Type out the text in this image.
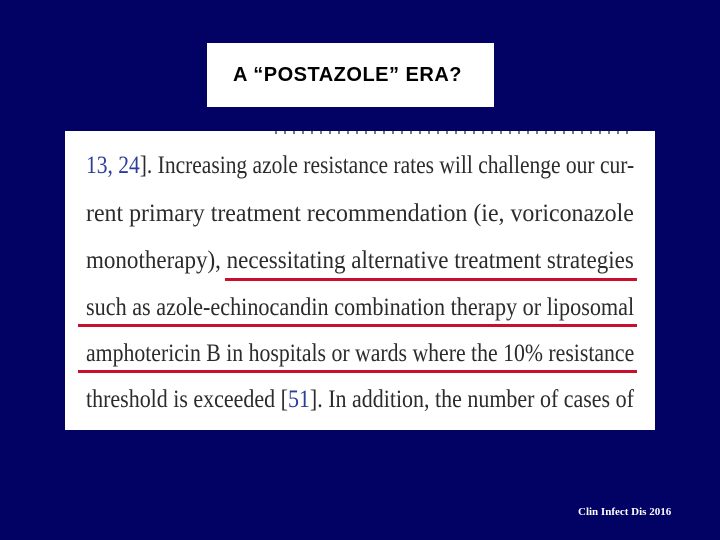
A “POSTAZOLE” ERA?
13, 24]. Increasing azole resistance rates will challenge our cur-
rent primary treatment recommendation (ie, voriconazole
monotherapy), necessitating alternative treatment strategies
such as azole-echinocandin combination therapy or liposomal
amphotericin B in hospitals or wards where the 10% resistance
threshold is exceeded [51]. In addition, the number of cases of
Clin Infect Dis 2016
